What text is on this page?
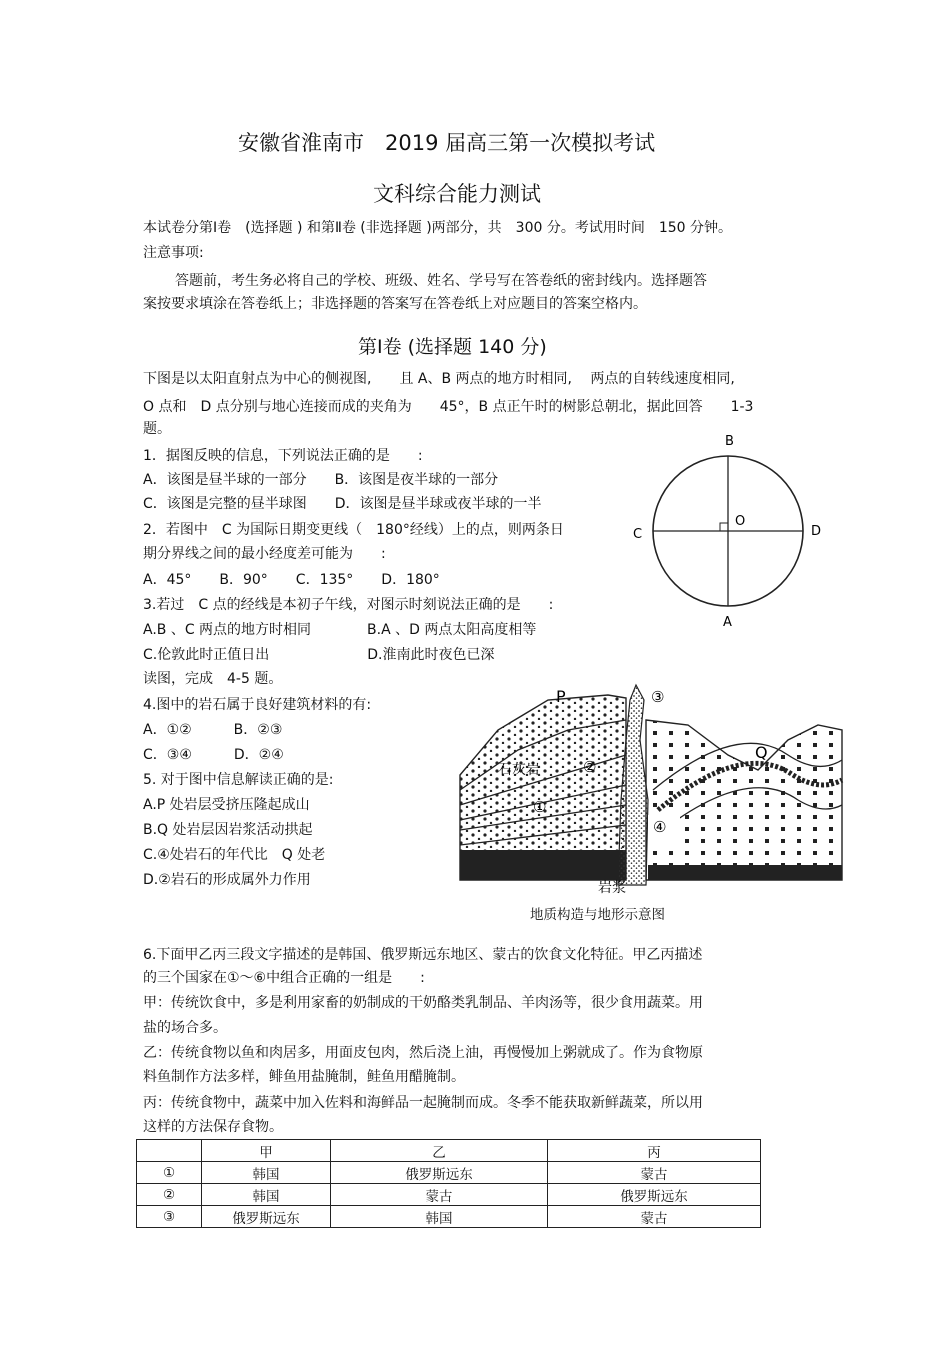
安徽省淮南市　2019 届高三第一次模拟考试
文科综合能力测试
本试卷分第Ⅰ卷　(选择题 ) 和第Ⅱ卷 (非选择题 )两部分，共　300 分。考试用时间　150 分钟。
注意事项:
答题前，考生务必将自己的学校、班级、姓名、学号写在答卷纸的密封线内。选择题答
案按要求填涂在答卷纸上；非选择题的答案写在答卷纸上对应题目的答案空格内。
第Ⅰ卷 (选择题 140 分)
下图是以太阳直射点为中心的侧视图,　　且 A、B 两点的地方时相同,　 两点的自转线速度相同,
O 点和　D 点分别与地心连接而成的夹角为　　45°，B 点正午时的树影总朝北，据此回答　　1-3
题。
1．据图反映的信息，下列说法正确的是　　:
A．该图是昼半球的一部分　　B．该图是夜半球的一部分
C．该图是完整的昼半球图　　D．该图是昼半球或夜半球的一半
2．若图中　C 为国际日期变更线（　180°经线）上的点，则两条日
期分界线之间的最小经度差可能为　　:
A．45°　　B．90°　　C．135°　　D．180°
3.若过　C 点的经线是本初子午线，对图示时刻说法正确的是　　:
A.B 、C 两点的地方时相同　　　　B.A 、D 两点太阳高度相等
C.伦敦此时正值日出　　　　　　　D.淮南此时夜色已深
读图，完成　4-5 题。
4.图中的岩石属于良好建筑材料的有:
A．①②　　　B．②③
C．③④　　　D．②④
5. 对于图中信息解读正确的是:
A.P 处岩层受挤压隆起成山
B.Q 处岩层因岩浆活动拱起
C.④处岩石的年代比　Q 处老
D.②岩石的形成属外力作用
B
A
C	D
O
P
Q
③
②
①
④
石灰岩
岩浆
地质构造与地形示意图
6.下面甲乙丙三段文字描述的是韩国、俄罗斯远东地区、蒙古的饮食文化特征。甲乙丙描述
的三个国家在①～⑥中组合正确的一组是　　:
甲：传统饮食中，多是利用家畜的奶制成的干奶酪类乳制品、羊肉汤等，很少食用蔬菜。用
盐的场合多。
乙：传统食物以鱼和肉居多，用面皮包肉，然后浇上油，再慢慢加上粥就成了。作为食物原
料鱼制作方法多样，鲱鱼用盐腌制，鲑鱼用醋腌制。
丙：传统食物中，蔬菜中加入佐料和海鲜品一起腌制而成。冬季不能获取新鲜蔬菜，所以用
这样的方法保存食物。
	甲	乙	丙
①	韩国	俄罗斯远东	蒙古
②	韩国	蒙古	俄罗斯远东
③	俄罗斯远东	韩国	蒙古
